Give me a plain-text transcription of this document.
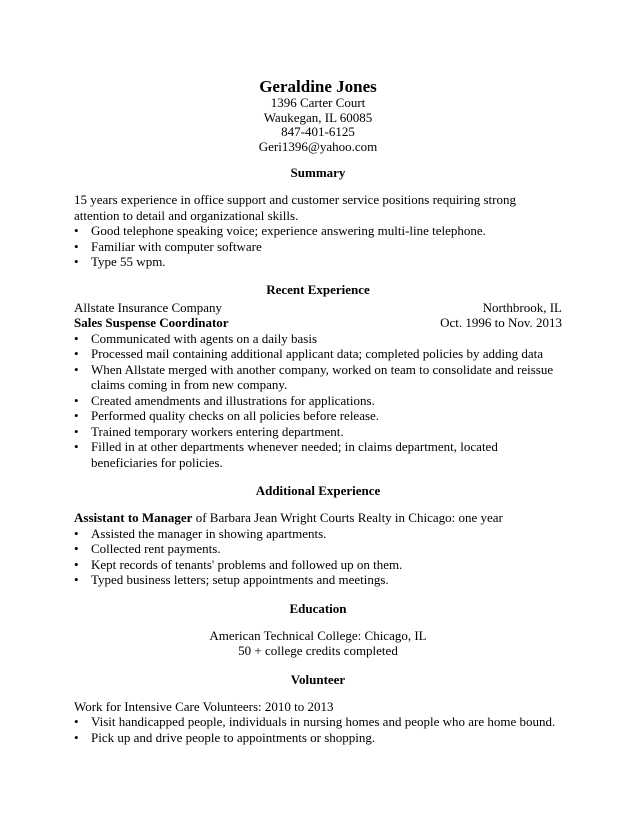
Geraldine Jones
1396 Carter Court
Waukegan, IL 60085
847-401-6125
Geri1396@yahoo.com
Summary

15 years experience in office support and customer service positions requiring strong attention to detail and organizational skills.

• Good telephone speaking voice; experience answering multi-line telephone.
• Familiar with computer software
• Type 55 wpm.
Recent Experience
Allstate Insurance Company	Northbrook, IL
Sales Suspense Coordinator	Oct. 1996 to Nov. 2013
• Communicated with agents on a daily basis
• Processed mail containing additional applicant data; completed policies by adding data
• When Allstate merged with another company, worked on team to consolidate and reissue claims coming in from new company.
• Created amendments and illustrations for applications.
• Performed quality checks on all policies before release.
• Trained temporary workers entering department.
• Filled in at other departments whenever needed; in claims department, located beneficiaries for policies.
Additional Experience

Assistant to Manager of Barbara Jean Wright Courts Realty in Chicago: one year

• Assisted the manager in showing apartments.
• Collected rent payments.
• Kept records of tenants' problems and followed up on them.
• Typed business letters; setup appointments and meetings.
Education

American Technical College: Chicago, IL

50 + college credits completed

Volunteer

Work for Intensive Care Volunteers: 2010 to 2013

• Visit handicapped people, individuals in nursing homes and people who are home bound.
• Pick up and drive people to appointments or shopping.
